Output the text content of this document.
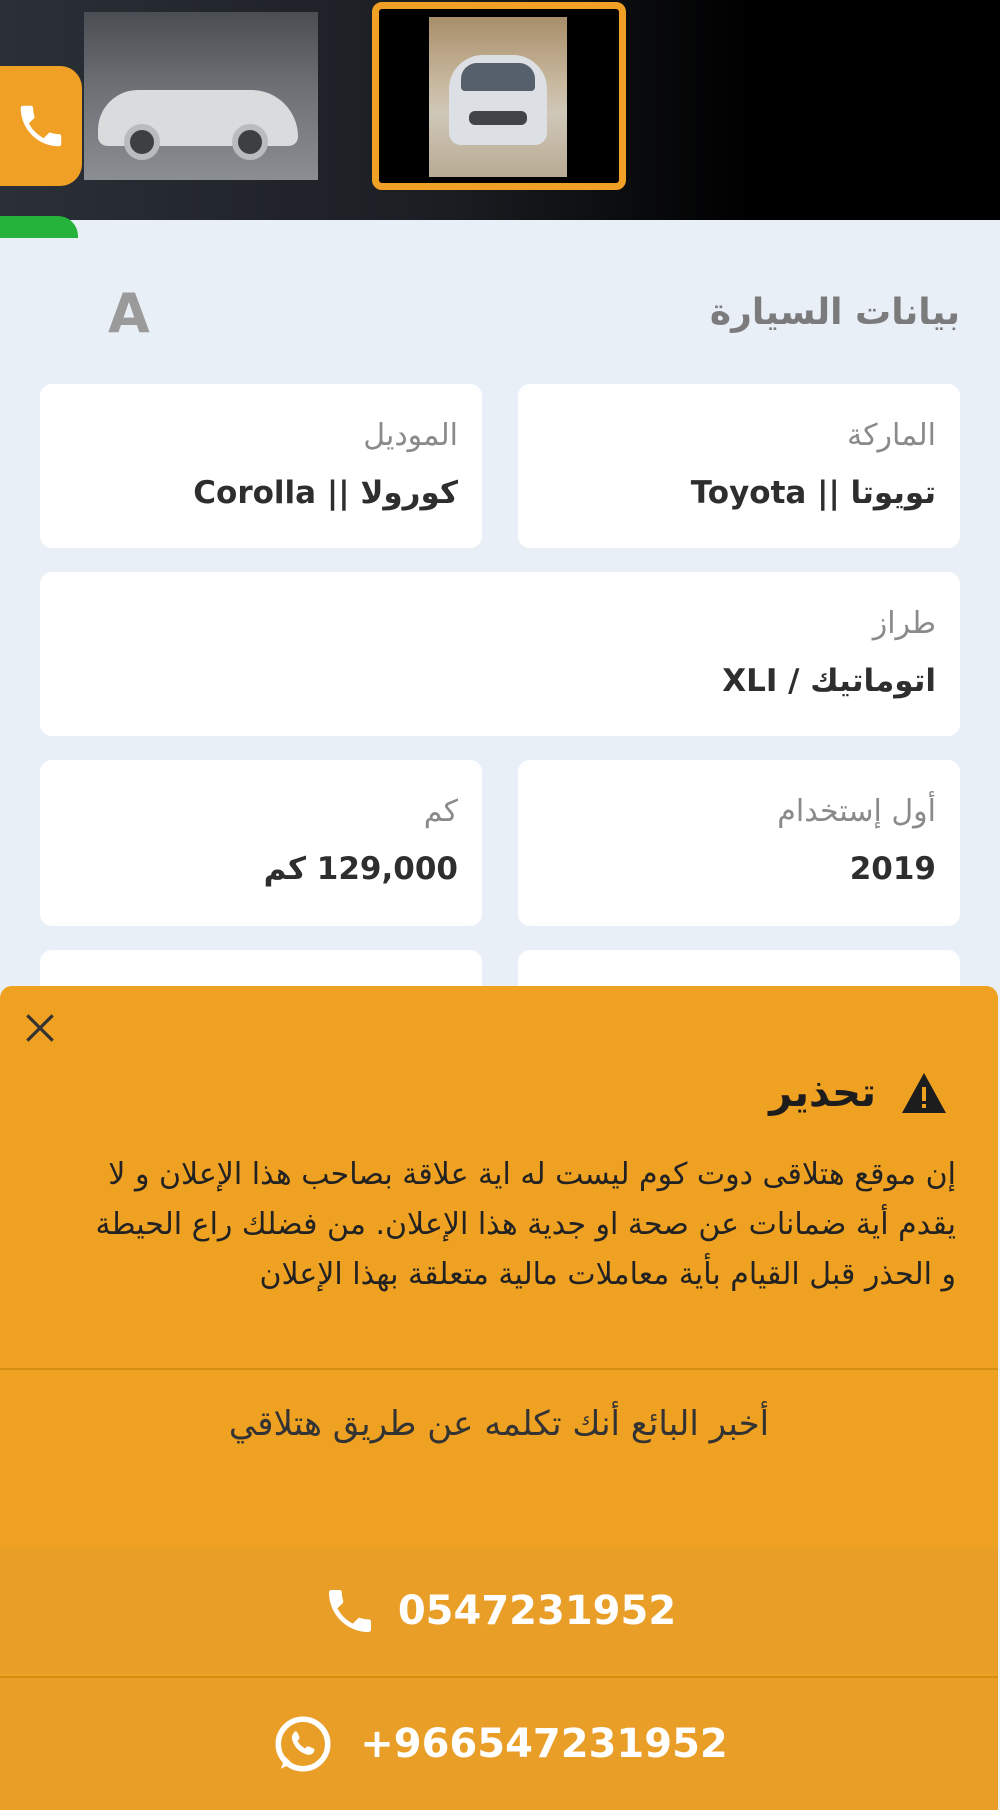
بيانات السيارة
A
الماركة
تويوتا || Toyota
الموديل
كورولا || Corolla
طراز
اتوماتيك / XLI
أول إستخدام
2019
كم
129,000 كم
تحذير
إن موقع هتلاقى دوت كوم ليست له اية علاقة بصاحب هذا الإعلان و لا يقدم أية ضمانات عن صحة او جدية هذا الإعلان. من فضلك راع الحيطة و الحذر قبل القيام بأية معاملات مالية متعلقة بهذا الإعلان
أخبر البائع أنك تكلمه عن طريق هتلاقي
0547231952
+966547231952
